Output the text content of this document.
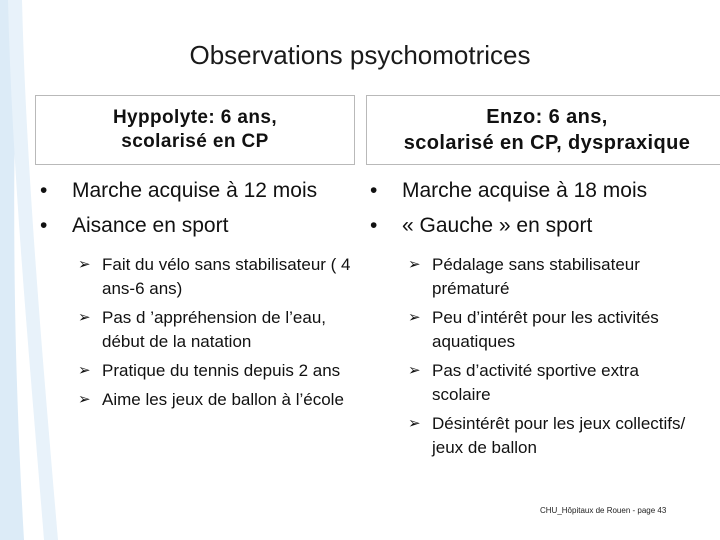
Observations psychomotrices
Hyppolyte: 6 ans,
scolarisé en CP
Enzo: 6 ans,
scolarisé en CP, dyspraxique
• Marche acquise à 12 mois
• Aisance en sport
➢ Fait du vélo sans stabilisateur ( 4 ans-6 ans)
➢ Pas d ’appréhension de l’eau, début de la natation
➢ Pratique du tennis depuis 2 ans
➢ Aime les jeux de ballon à l’école
• Marche acquise à 18 mois
• « Gauche » en sport
➢ Pédalage sans stabilisateur prématuré
➢ Peu d’intérêt pour les activités aquatiques
➢ Pas d’activité sportive extra scolaire
➢ Désintérêt pour les jeux collectifs/ jeux de ballon
CHU_Hôpitaux de Rouen - page 43
